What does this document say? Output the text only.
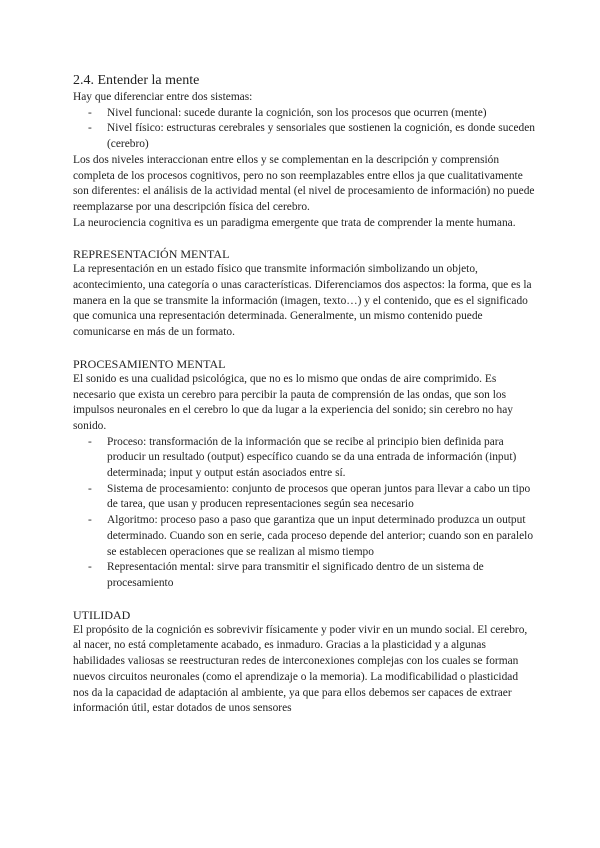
2.4. Entender la mente

Hay que diferenciar entre dos sistemas:

- Nivel funcional: sucede durante la cognición, son los procesos que ocurren (mente)
- Nivel físico: estructuras cerebrales y sensoriales que sostienen la cognición, es donde suceden (cerebro)

Los dos niveles interaccionan entre ellos y se complementan en la descripción y comprensión completa de los procesos cognitivos, pero no son reemplazables entre ellos ja que cualitativamente son diferentes: el análisis de la actividad mental (el nivel de procesamiento de información) no puede reemplazarse por una descripción física del cerebro.

La neurociencia cognitiva es un paradigma emergente que trata de comprender la mente humana.

REPRESENTACIÓN MENTAL

La representación en un estado físico que transmite información simbolizando un objeto, acontecimiento, una categoría o unas características. Diferenciamos dos aspectos: la forma, que es la manera en la que se transmite la información (imagen, texto…) y el contenido, que es el significado que comunica una representación determinada. Generalmente, un mismo contenido puede comunicarse en más de un formato.

PROCESAMIENTO MENTAL

El sonido es una cualidad psicológica, que no es lo mismo que ondas de aire comprimido. Es necesario que exista un cerebro para percibir la pauta de comprensión de las ondas, que son los impulsos neuronales en el cerebro lo que da lugar a la experiencia del sonido; sin cerebro no hay sonido.

- Proceso: transformación de la información que se recibe al principio bien definida para producir un resultado (output) específico cuando se da una entrada de información (input) determinada; input y output están asociados entre sí.
- Sistema de procesamiento: conjunto de procesos que operan juntos para llevar a cabo un tipo de tarea, que usan y producen representaciones según sea necesario
- Algoritmo: proceso paso a paso que garantiza que un input determinado produzca un output determinado. Cuando son en serie, cada proceso depende del anterior; cuando son en paralelo se establecen operaciones que se realizan al mismo tiempo
- Representación mental: sirve para transmitir el significado dentro de un sistema de procesamiento
UTILIDAD

El propósito de la cognición es sobrevivir físicamente y poder vivir en un mundo social. El cerebro, al nacer, no está completamente acabado, es inmaduro. Gracias a la plasticidad y a algunas habilidades valiosas se reestructuran redes de interconexiones complejas con los cuales se forman nuevos circuitos neuronales (como el aprendizaje o la memoria). La modificabilidad o plasticidad nos da la capacidad de adaptación al ambiente, ya que para ellos debemos ser capaces de extraer información útil, estar dotados de unos sensores
